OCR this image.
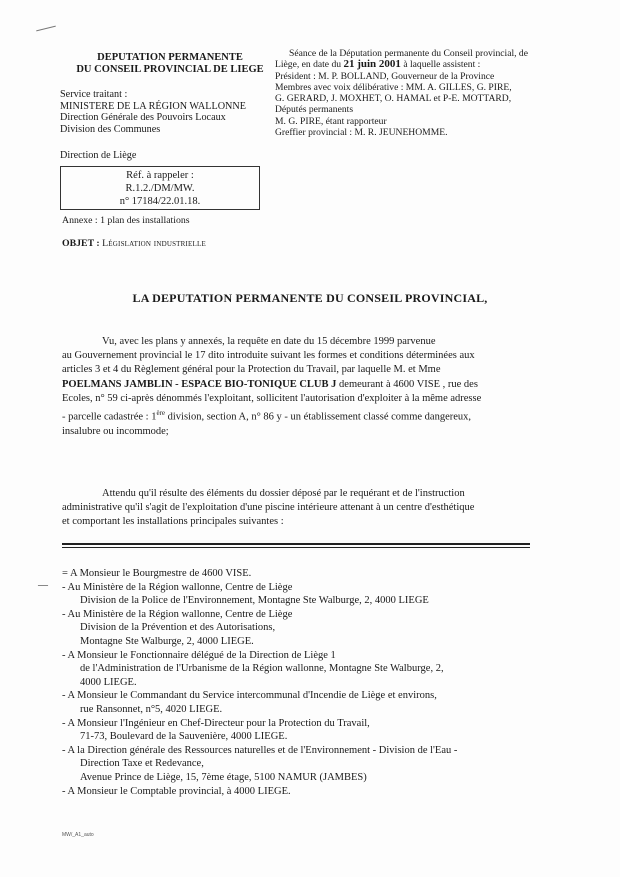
DEPUTATION PERMANENTE
DU CONSEIL PROVINCIAL DE LIEGE
Service traitant :
MINISTERE DE LA RÉGION WALLONNE
Direction Générale des Pouvoirs Locaux
Division des Communes
Direction de Liège
Réf. à rappeler :
R.1.2./DM/MW.
n° 17184/22.01.18.
Annexe : 1 plan des installations
OBJET : Législation industrielle
Séance de la Députation permanente du Conseil provincial, de
Liège, en date du 21 juin 2001 à laquelle assistent :
Président : M. P. BOLLAND, Gouverneur de la Province
Membres avec voix délibérative : MM. A. GILLES, G. PIRE,
G. GERARD, J. MOXHET, O. HAMAL et P-E. MOTTARD,
Députés permanents
M. G. PIRE, étant rapporteur
Greffier provincial : M. R. JEUNEHOMME.
LA DEPUTATION PERMANENTE DU CONSEIL PROVINCIAL,
Vu, avec les plans y annexés, la requête en date du 15 décembre 1999 parvenue
au Gouvernement provincial le 17 dito introduite suivant les formes et conditions déterminées aux
articles 3 et 4 du Règlement général pour la Protection du Travail, par laquelle M. et Mme
POELMANS JAMBLIN - ESPACE BIO-TONIQUE CLUB J demeurant à 4600 VISE , rue des
Ecoles, n° 59 ci-après dénommés l'exploitant, sollicitent l'autorisation d'exploiter à la même adresse
- parcelle cadastrée : 1ère division, section A, n° 86 y - un établissement classé comme dangereux,
insalubre ou incommode;
Attendu qu'il résulte des éléments du dossier déposé par le requérant et de l'instruction
administrative qu'il s'agit de l'exploitation d'une piscine intérieure attenant à un centre d'esthétique
et comportant les installations principales suivantes :
—
= A Monsieur le Bourgmestre de 4600 VISE.
- Au Ministère de la Région wallonne, Centre de Liège
Division de la Police de l'Environnement, Montagne Ste Walburge, 2, 4000 LIEGE
- Au Ministère de la Région wallonne, Centre de Liège
Division de la Prévention et des Autorisations,
Montagne Ste Walburge, 2, 4000 LIEGE.
- A Monsieur le Fonctionnaire délégué de la Direction de Liège 1
de l'Administration de l'Urbanisme de la Région wallonne, Montagne Ste Walburge, 2,
4000 LIEGE.
- A Monsieur le Commandant du Service intercommunal d'Incendie de Liège et environs,
rue Ransonnet, n°5, 4020 LIEGE.
- A Monsieur l'Ingénieur en Chef-Directeur pour la Protection du Travail,
71-73, Boulevard de la Sauvenière, 4000 LIEGE.
- A la Direction générale des Ressources naturelles et de l'Environnement - Division de l'Eau -
Direction Taxe et Redevance,
Avenue Prince de Liège, 15, 7ème étage, 5100 NAMUR (JAMBES)
- A Monsieur le Comptable provincial, à 4000 LIEGE.
MW/_A1_auto
